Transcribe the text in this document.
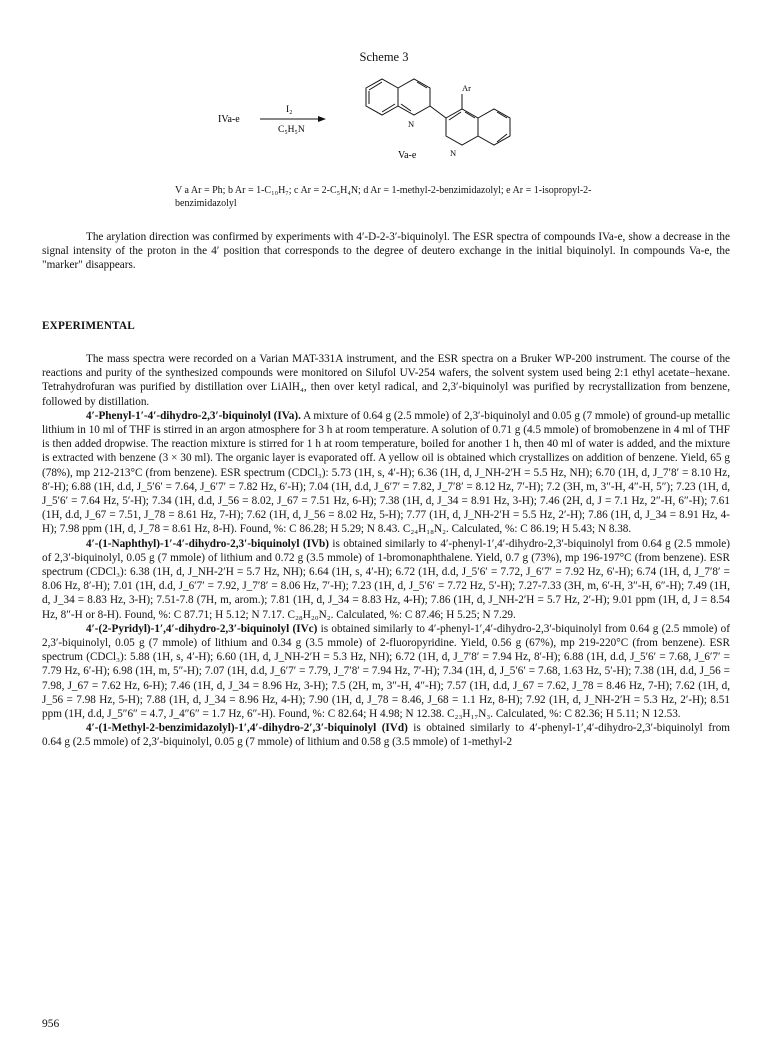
Scheme 3
IVa-e
I₂
C₅H₅N
N
Ar
N
Va-e
V a Ar = Ph; b Ar = 1-C₁₀H₇; c Ar = 2-C₅H₄N; d Ar = 1-methyl-2-benzimidazolyl; e Ar = 1-isopropyl-2-benzimidazolyl

The arylation direction was confirmed by experiments with 4′-D-2-3′-biquinolyl. The ESR spectra of compounds IVa-e, show a decrease in the signal intensity of the proton in the 4′ position that corresponds to the degree of deutero exchange in the initial biquinolyl. In compounds Va-e, the "marker" disappears.

EXPERIMENTAL

The mass spectra were recorded on a Varian MAT-331A instrument, and the ESR spectra on a Bruker WP-200 instrument. The course of the reactions and purity of the synthesized compounds were monitored on Silufol UV-254 wafers, the solvent system used being 2:1 ethyl acetate−hexane. Tetrahydrofuran was purified by distillation over LiAlH₄, then over ketyl radical, and 2,3′-biquinolyl was purified by recrystallization from benzene, followed by distillation.

4′-Phenyl-1′-4′-dihydro-2,3′-biquinolyl (IVa). A mixture of 0.64 g (2.5 mmole) of 2,3′-biquinolyl and 0.05 g (7 mmole) of ground-up metallic lithium in 10 ml of THF is stirred in an argon atmosphere for 3 h at room temperature. A solution of 0.71 g (4.5 mmole) of bromobenzene in 4 ml of THF is then added dropwise. The reaction mixture is stirred for 1 h at room temperature, boiled for another 1 h, then 40 ml of water is added, and the mixture is extracted with benzene (3 × 30 ml). The organic layer is evaporated off. A yellow oil is obtained which crystallizes on addition of benzene. Yield, 65 g (78%), mp 212-213°C (from benzene). ESR spectrum (CDCl₃): 5.73 (1H, s, 4′-H); 6.36 (1H, d, J_NH-2′H = 5.5 Hz, NH); 6.70 (1H, d, J_7′8′ = 8.10 Hz, 8′-H); 6.88 (1H, d.d, J_5′6′ = 7.64, J_6′7′ = 7.82 Hz, 6′-H); 7.04 (1H, d.d, J_6′7′ = 7.82, J_7′8′ = 8.12 Hz, 7′-H); 7.2 (3H, m, 3″-H, 4″-H, 5″); 7.23 (1H, d, J_5′6′ = 7.64 Hz, 5′-H); 7.34 (1H, d.d, J_56 = 8.02, J_67 = 7.51 Hz, 6-H); 7.38 (1H, d, J_34 = 8.91 Hz, 3-H); 7.46 (2H, d, J = 7.1 Hz, 2″-H, 6″-H); 7.61 (1H, d.d, J_67 = 7.51, J_78 = 8.61 Hz, 7-H); 7.62 (1H, d, J_56 = 8.02 Hz, 5-H); 7.77 (1H, d, J_NH-2′H = 5.5 Hz, 2′-H); 7.86 (1H, d, J_34 = 8.91 Hz, 4-H); 7.98 ppm (1H, d, J_78 = 8.61 Hz, 8-H). Found, %: C 86.28; H 5.29; N 8.43. C₂₄H₁₈N₂. Calculated, %: C 86.19; H 5.43; N 8.38.

4′-(1-Naphthyl)-1′-4′-dihydro-2,3′-biquinolyl (IVb) is obtained similarly to 4′-phenyl-1′,4′-dihydro-2,3′-biquinolyl from 0.64 g (2.5 mmole) of 2,3′-biquinolyl, 0.05 g (7 mmole) of lithium and 0.72 g (3.5 mmole) of 1-bromonaphthalene. Yield, 0.7 g (73%), mp 196-197°C (from benzene). ESR spectrum (CDCl₃): 6.38 (1H, d, J_NH-2′H = 5.7 Hz, NH); 6.64 (1H, s, 4′-H); 6.72 (1H, d.d, J_5′6′ = 7.72, J_6′7′ = 7.92 Hz, 6′-H); 6.74 (1H, d, J_7′8′ = 8.06 Hz, 8′-H); 7.01 (1H, d.d, J_6′7′ = 7.92, J_7′8′ = 8.06 Hz, 7′-H); 7.23 (1H, d, J_5′6′ = 7.72 Hz, 5′-H); 7.27-7.33 (3H, m, 6′-H, 3″-H, 6″-H); 7.49 (1H, d, J_34 = 8.83 Hz, 3-H); 7.51-7.8 (7H, m, arom.); 7.81 (1H, d, J_34 = 8.83 Hz, 4-H); 7.86 (1H, d, J_NH-2′H = 5.7 Hz, 2′-H); 9.01 ppm (1H, d, J = 8.54 Hz, 8″-H or 8-H). Found, %: C 87.71; H 5.12; N 7.17. C₂₈H₂₀N₂. Calculated, %: C 87.46; H 5.25; N 7.29.

4′-(2-Pyridyl)-1′,4′-dihydro-2,3′-biquinolyl (IVc) is obtained similarly to 4′-phenyl-1′,4′-dihydro-2,3′-biquinolyl from 0.64 g (2.5 mmole) of 2,3′-biquinolyl, 0.05 g (7 mmole) of lithium and 0.34 g (3.5 mmole) of 2-fluoropyridine. Yield, 0.56 g (67%), mp 219-220°C (from benzene). ESR spectrum (CDCl₃): 5.88 (1H, s, 4′-H); 6.60 (1H, d, J_NH-2′H = 5.3 Hz, NH); 6.72 (1H, d, J_7′8′ = 7.94 Hz, 8′-H); 6.88 (1H, d.d, J_5′6′ = 7.68, J_6′7′ = 7.79 Hz, 6′-H); 6.98 (1H, m, 5″-H); 7.07 (1H, d.d, J_6′7′ = 7.79, J_7′8′ = 7.94 Hz, 7′-H); 7.34 (1H, d, J_5′6′ = 7.68, 1.63 Hz, 5′-H); 7.38 (1H, d.d, J_56 = 7.98, J_67 = 7.62 Hz, 6-H); 7.46 (1H, d, J_34 = 8.96 Hz, 3-H); 7.5 (2H, m, 3″-H, 4″-H); 7.57 (1H, d.d, J_67 = 7.62, J_78 = 8.46 Hz, 7-H); 7.62 (1H, d, J_56 = 7.98 Hz, 5-H); 7.88 (1H, d, J_34 = 8.96 Hz, 4-H); 7.90 (1H, d, J_78 = 8.46, J_68 = 1.1 Hz, 8-H); 7.92 (1H, d, J_NH-2′H = 5.3 Hz, 2′-H); 8.51 ppm (1H, d.d, J_5″6″ = 4.7, J_4″6″ = 1.7 Hz, 6″-H). Found, %: C 82.64; H 4.98; N 12.38. C₂₃H₁₇N₃. Calculated, %: C 82.36; H 5.11; N 12.53.

4′-(1-Methyl-2-benzimidazolyl)-1′,4′-dihydro-2′,3′-biquinolyl (IVd) is obtained similarly to 4′-phenyl-1′,4′-dihydro-2,3′-biquinolyl from 0.64 g (2.5 mmole) of 2,3′-biquinolyl, 0.05 g (7 mmole) of lithium and 0.58 g (3.5 mmole) of 1-methyl-2

956
